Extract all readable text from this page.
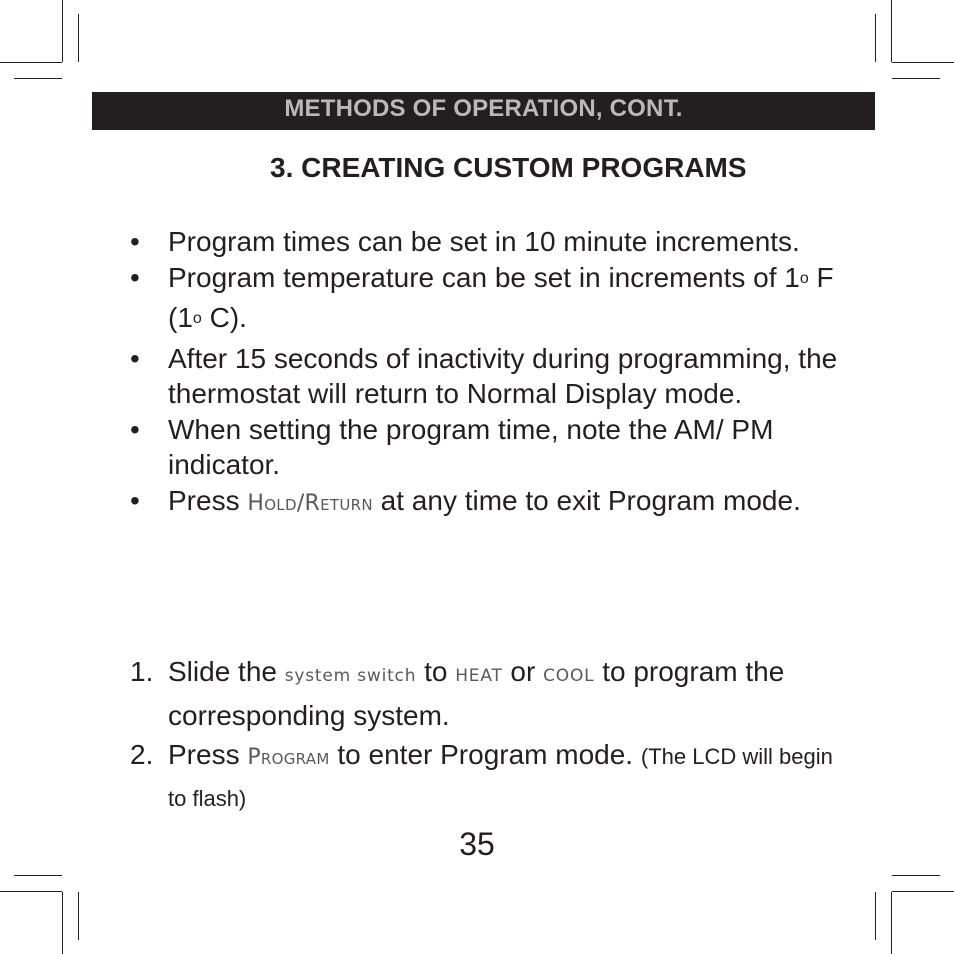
METHODS OF OPERATION, CONT.
3. CREATING CUSTOM PROGRAMS
• Program times can be set in 10 minute increments.
• Program temperature can be set in increments of 1$^o$ F (1$^o$ C).
• After 15 seconds of inactivity during programming, the thermostat will return to Normal Display mode.
• When setting the program time, note the AM/ PM indicator.
• Press Hold/Return at any time to exit Program mode.
1. Slide the system switch to HEAT or COOL to program the corresponding system.
2. Press Program to enter Program mode. (The LCD will begin to flash)
35
